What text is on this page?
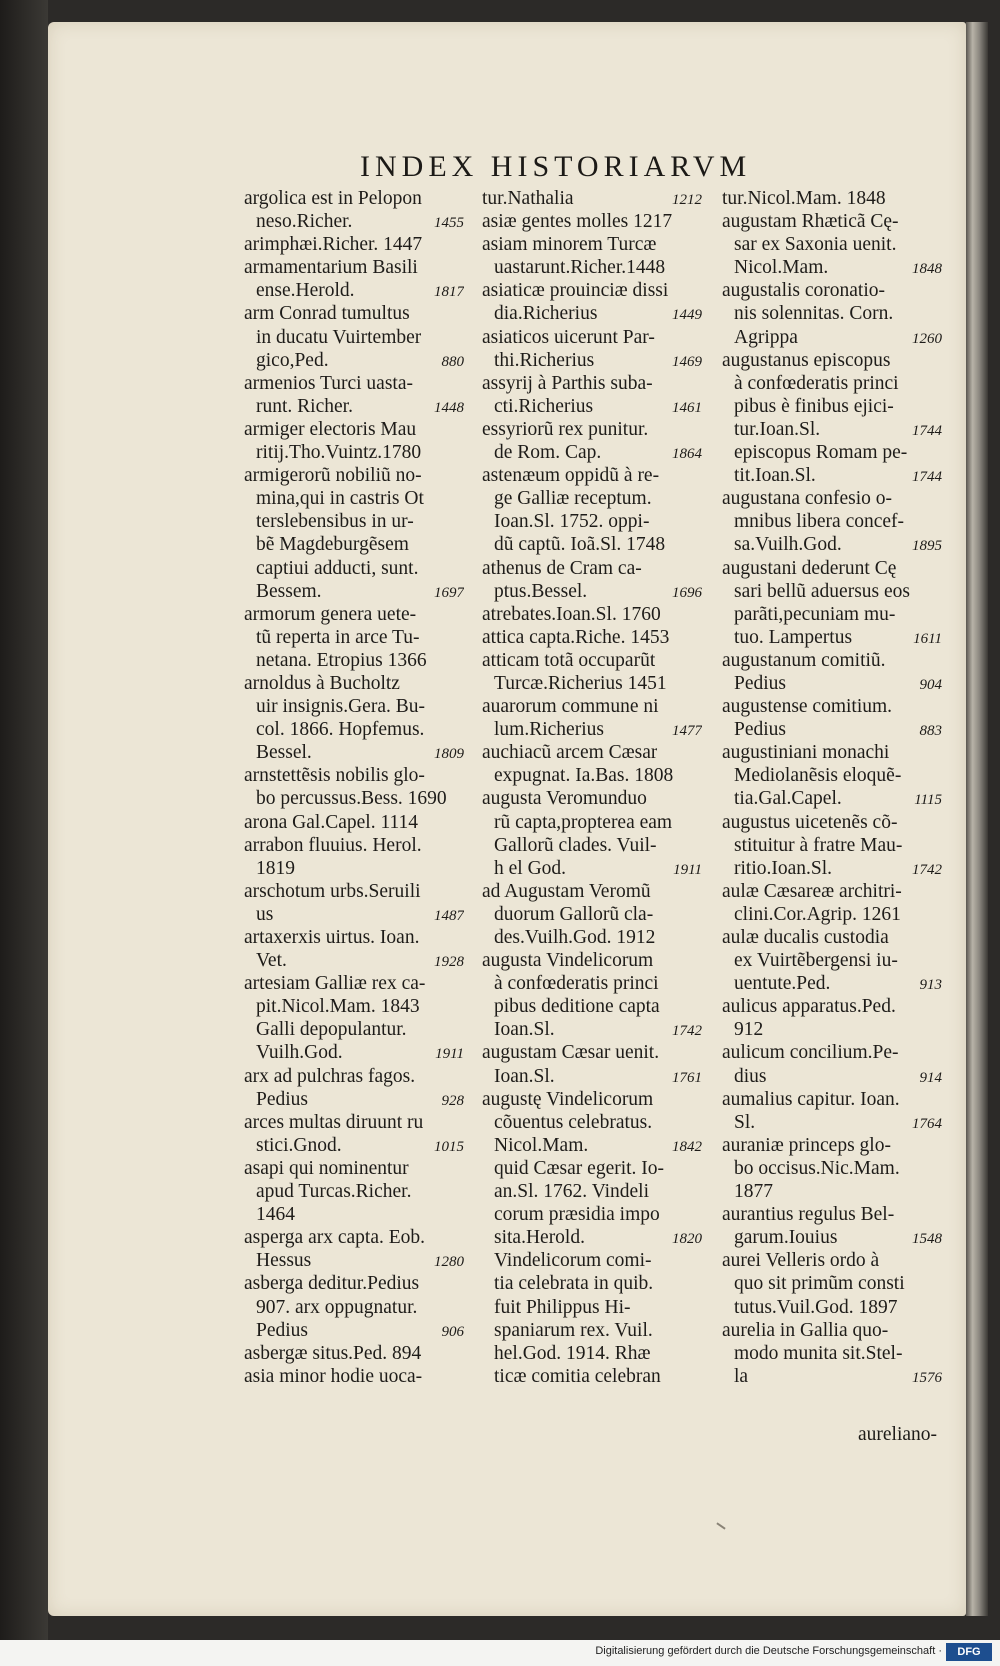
INDEX HISTORIARVM
argolica est in Pelopon
neso.Richer.	1455
arimphæi.Richer. 1447
armamentarium Basili
ense.Herold.	1817
arm Conrad tumultus
in ducatu Vuirtember
gico,Ped.	880
armenios Turci uasta-
runt. Richer.	1448
armiger electoris Mau
ritij.Tho.Vuintz.1780
armigerorũ nobiliũ no-
mina,qui in castris Ot
terslebensibus in ur-
bẽ Magdeburgẽsem
captiui adducti, sunt.
Bessem.	1697
armorum genera uete-
tũ reperta in arce Tu-
netana. Etropius 1366
arnoldus à Bucholtz
uir insignis.Gera. Bu-
col. 1866. Hopfemus.
Bessel.	1809
arnstettẽsis nobilis glo-
bo percussus.Bess. 1690
arona Gal.Capel. 1114
arrabon fluuius. Herol.
1819
arschotum urbs.Seruili
us	1487
artaxerxis uirtus. Ioan.
Vet.	1928
artesiam Galliæ rex ca-
pit.Nicol.Mam. 1843
Galli depopulantur.
Vuilh.God.	1911
arx ad pulchras fagos.
Pedius	928
arces multas diruunt ru
stici.Gnod.	1015
asapi qui nominentur
apud Turcas.Richer.
1464
asperga arx capta. Eob.
Hessus	1280
asberga deditur.Pedius
907. arx oppugnatur.
Pedius	906
asbergæ situs.Ped. 894
asia minor hodie uoca-
tur.Nathalia	1212
asiæ gentes molles 1217
asiam minorem Turcæ
uastarunt.Richer.1448
asiaticæ prouinciæ dissi
dia.Richerius	1449
asiaticos uicerunt Par-
thi.Richerius	1469
assyrij à Parthis suba-
cti.Richerius	1461
essyriorũ rex punitur.
de Rom. Cap.	1864
astenæum oppidũ à re-
ge Galliæ receptum.
Ioan.Sl. 1752. oppi-
dũ captũ. Ioã.Sl. 1748
athenus de Cram ca-
ptus.Bessel.	1696
atrebates.Ioan.Sl. 1760
attica capta.Riche. 1453
atticam totã occuparũt
Turcæ.Richerius 1451
auarorum commune ni
lum.Richerius	1477
auchiacũ arcem Cæsar
expugnat. Ia.Bas. 1808
augusta Veromunduo
rũ capta,propterea eam
Gallorũ clades. Vuil-
h el God.	1911
ad Augustam Veromũ
duorum Gallorũ cla-
des.Vuilh.God. 1912
augusta Vindelicorum
à confœderatis princi
pibus deditione capta
Ioan.Sl.	1742
augustam Cæsar uenit.
Ioan.Sl.	1761
augustę Vindelicorum
cõuentus celebratus.
Nicol.Mam.	1842
quid Cæsar egerit. Io-
an.Sl. 1762. Vindeli
corum præsidia impo
sita.Herold.	1820
Vindelicorum comi-
tia celebrata in quib.
fuit Philippus Hi-
spaniarum rex. Vuil.
hel.God. 1914. Rhæ
ticæ comitia celebran
tur.Nicol.Mam. 1848
augustam Rhæticã Cę-
sar ex Saxonia uenit.
Nicol.Mam.	1848
augustalis coronatio-
nis solennitas. Corn.
Agrippa	1260
augustanus episcopus
à confœderatis princi
pibus è finibus ejici-
tur.Ioan.Sl.	1744
episcopus Romam pe-
tit.Ioan.Sl.	1744
augustana confesio o-
mnibus libera concef-
sa.Vuilh.God.	1895
augustani dederunt Cę
sari bellũ aduersus eos
parãti,pecuniam mu-
tuo. Lampertus	1611
augustanum comitiũ.
Pedius	904
augustense comitium.
Pedius	883
augustiniani monachi
Mediolanẽsis eloquẽ-
tia.Gal.Capel.	1115
augustus uicetenẽs cõ-
stituitur à fratre Mau-
ritio.Ioan.Sl.	1742
aulæ Cæsareæ architri-
clini.Cor.Agrip. 1261
aulæ ducalis custodia
ex Vuirtẽbergensi iu-
uentute.Ped.	913
aulicus apparatus.Ped.
912
aulicum concilium.Pe-
dius	914
aumalius capitur. Ioan.
Sl.	1764
auraniæ princeps glo-
bo occisus.Nic.Mam.
1877
aurantius regulus Bel-
garum.Iouius	1548
aurei Velleris ordo à
quo sit primũm consti
tutus.Vuil.God. 1897
aurelia in Gallia quo-
modo munita sit.Stel-
la	1576
aureliano-
Digitalisierung gefördert durch die Deutsche Forschungsgemeinschaft ·	DFG
